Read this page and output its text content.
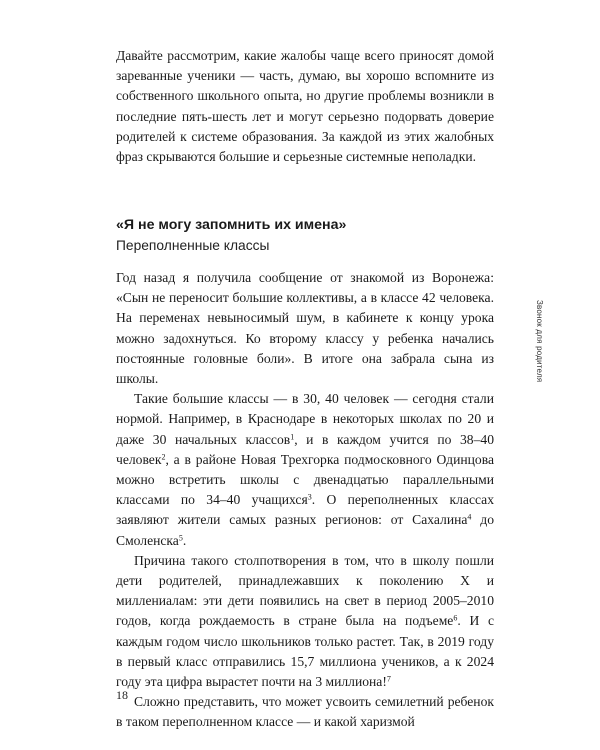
Давайте рассмотрим, какие жалобы чаще всего приносят домой зареванные ученики — часть, думаю, вы хорошо вспомните из собственного школьного опыта, но другие проблемы возникли в последние пять-шесть лет и могут серьезно подорвать доверие родителей к системе образования. За каждой из этих жалобных фраз скрываются большие и серьезные системные неполадки.

«Я не могу запомнить их имена»
Переполненные классы

Год назад я получила сообщение от знакомой из Воронежа: «Сын не переносит большие коллективы, а в классе 42 человека. На переменах невыносимый шум, в кабинете к концу урока можно задохнуться. Ко второму классу у ребенка начались постоянные головные боли». В итоге она забрала сына из школы.

Такие большие классы — в 30, 40 человек — сегодня стали нормой. Например, в Краснодаре в некоторых школах по 20 и даже 30 начальных классов$^1$, и в каждом учится по 38–40 человек$^2$, а в районе Новая Трехгорка подмосковного Одинцова можно встретить школы с двенадцатью параллельными классами по 34–40 учащихся$^3$. О переполненных классах заявляют жители самых разных регионов: от Сахалина$^4$ до Смоленска$^5$.

Причина такого столпотворения в том, что в школу пошли дети родителей, принадлежавших к поколению X и миллениалам: эти дети появились на свет в период 2005–2010 годов, когда рождаемость в стране была на подъеме$^6$. И с каждым годом число школьников только растет. Так, в 2019 году в первый класс отправились 15,7 миллиона учеников, а к 2024 году эта цифра вырастет почти на 3 миллиона!$^7$

Сложно представить, что может усвоить семилетний ребенок в таком переполненном классе — и какой харизмой

Звонок для родителя

18
